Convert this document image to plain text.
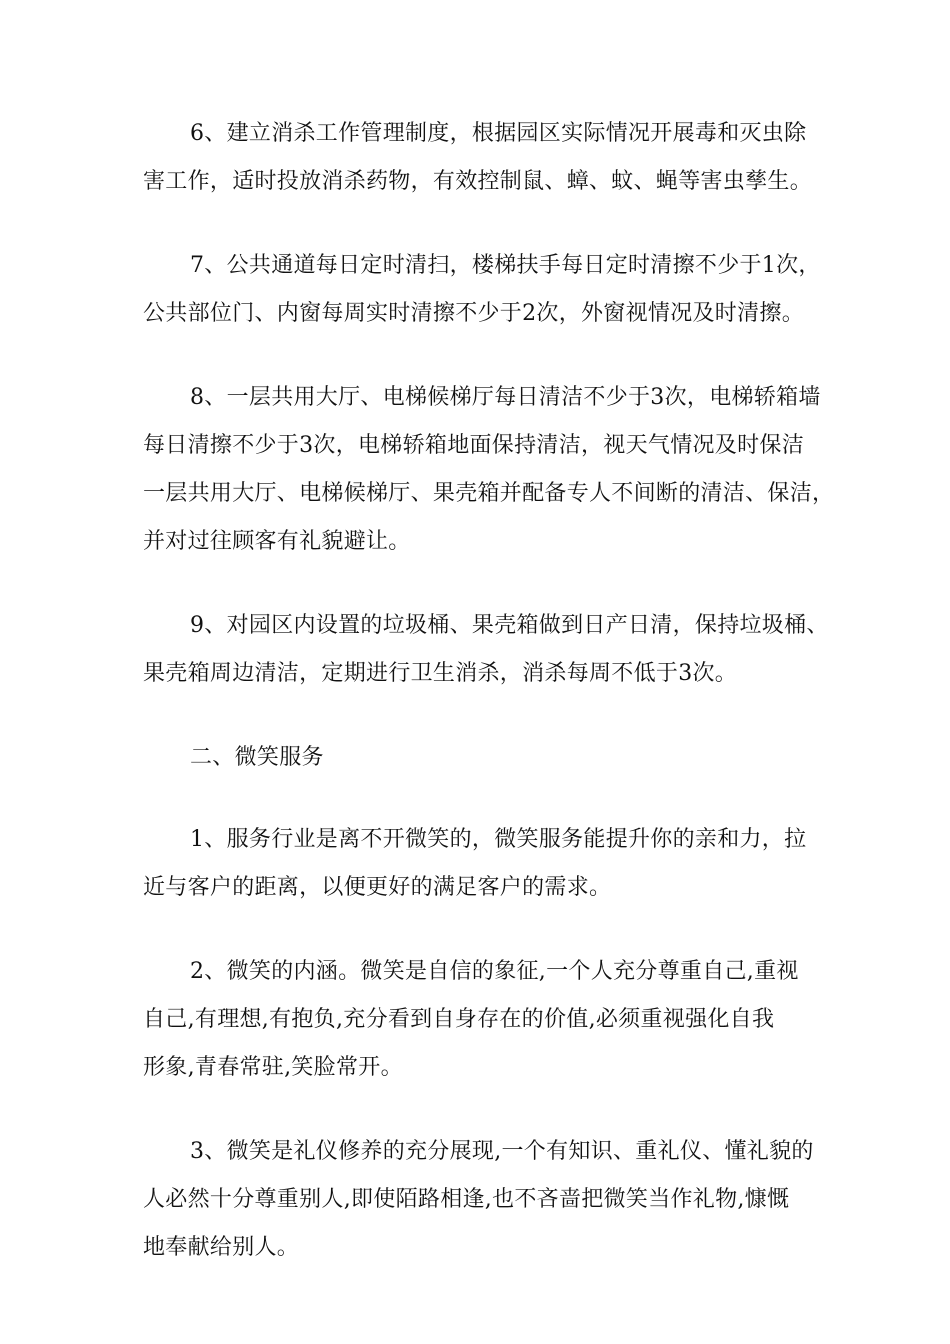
6、建立消杀工作管理制度，根据园区实际情况开展毒和灭虫除
害工作，适时投放消杀药物，有效控制鼠、蟑、蚊、蝇等害虫孳生。
7、公共通道每日定时清扫，楼梯扶手每日定时清擦不少于1次，
公共部位门、内窗每周实时清擦不少于2次，外窗视情况及时清擦。
8、一层共用大厅、电梯候梯厅每日清洁不少于3次，电梯轿箱墙
每日清擦不少于3次，电梯轿箱地面保持清洁，视天气情况及时保洁
一层共用大厅、电梯候梯厅、果壳箱并配备专人不间断的清洁、保洁，
并对过往顾客有礼貌避让。
9、对园区内设置的垃圾桶、果壳箱做到日产日清，保持垃圾桶、
果壳箱周边清洁，定期进行卫生消杀，消杀每周不低于3次。
二、微笑服务
1、服务行业是离不开微笑的，微笑服务能提升你的亲和力，拉
近与客户的距离，以便更好的满足客户的需求。
2、微笑的内涵。微笑是自信的象征,一个人充分尊重自己,重视
自己,有理想,有抱负,充分看到自身存在的价值,必须重视强化自我
形象,青春常驻,笑脸常开。
3、微笑是礼仪修养的充分展现,一个有知识、重礼仪、懂礼貌的
人必然十分尊重别人,即使陌路相逢,也不吝啬把微笑当作礼物,慷慨
地奉献给别人。
